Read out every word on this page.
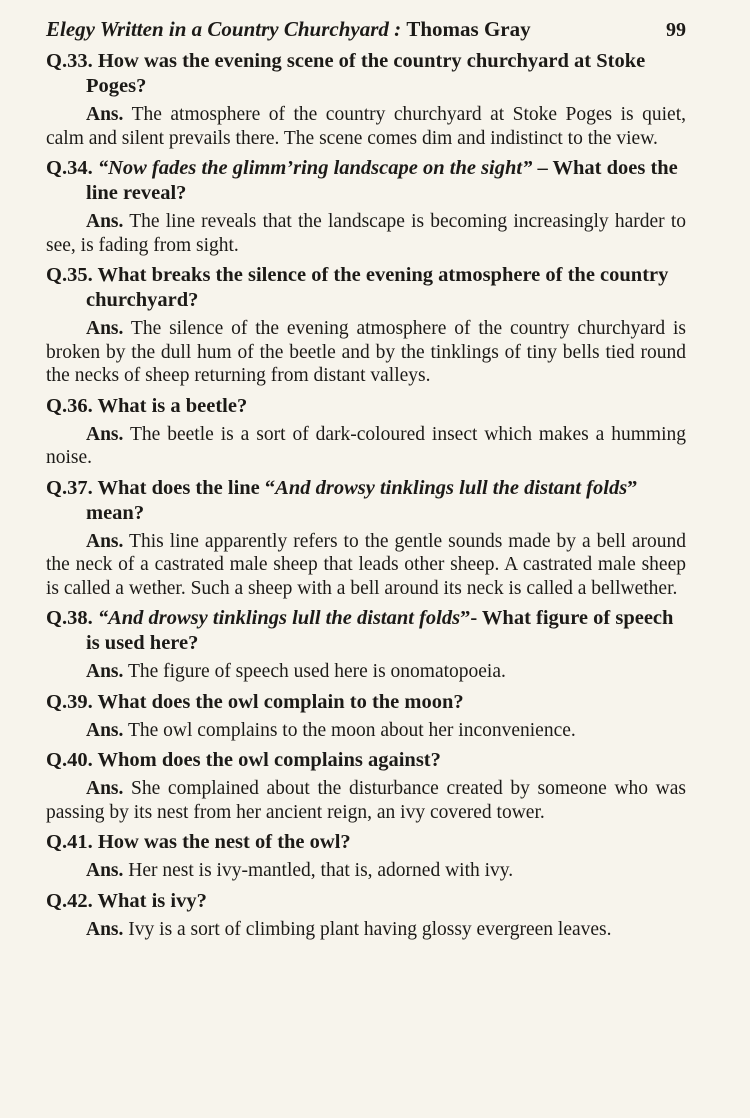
Elegy Written in a Country Churchyard : Thomas Gray	99

Q.33. How was the evening scene of the country churchyard at Stoke Poges?

Ans. The atmosphere of the country churchyard at Stoke Poges is quiet, calm and silent prevails there. The scene comes dim and indistinct to the view.

Q.34. “Now fades the glimm’ring landscape on the sight” – What does the line reveal?

Ans. The line reveals that the landscape is becoming increasingly harder to see, is fading from sight.

Q.35. What breaks the silence of the evening atmosphere of the country churchyard?

Ans. The silence of the evening atmosphere of the country churchyard is broken by the dull hum of the beetle and by the tinklings of tiny bells tied round the necks of sheep returning from distant valleys.

Q.36. What is a beetle?

Ans. The beetle is a sort of dark-coloured insect which makes a humming noise.

Q.37. What does the line “And drowsy tinklings lull the distant folds” mean?

Ans. This line apparently refers to the gentle sounds made by a bell around the neck of a castrated male sheep that leads other sheep. A castrated male sheep is called a wether. Such a sheep with a bell around its neck is called a bellwether.

Q.38. “And drowsy tinklings lull the distant folds”- What figure of speech is used here?

Ans. The figure of speech used here is onomatopoeia.

Q.39. What does the owl complain to the moon?

Ans. The owl complains to the moon about her inconvenience.

Q.40. Whom does the owl complains against?

Ans. She complained about the disturbance created by someone who was passing by its nest from her ancient reign, an ivy covered tower.

Q.41. How was the nest of the owl?

Ans. Her nest is ivy-mantled, that is, adorned with ivy.

Q.42. What is ivy?

Ans. Ivy is a sort of climbing plant having glossy evergreen leaves.
